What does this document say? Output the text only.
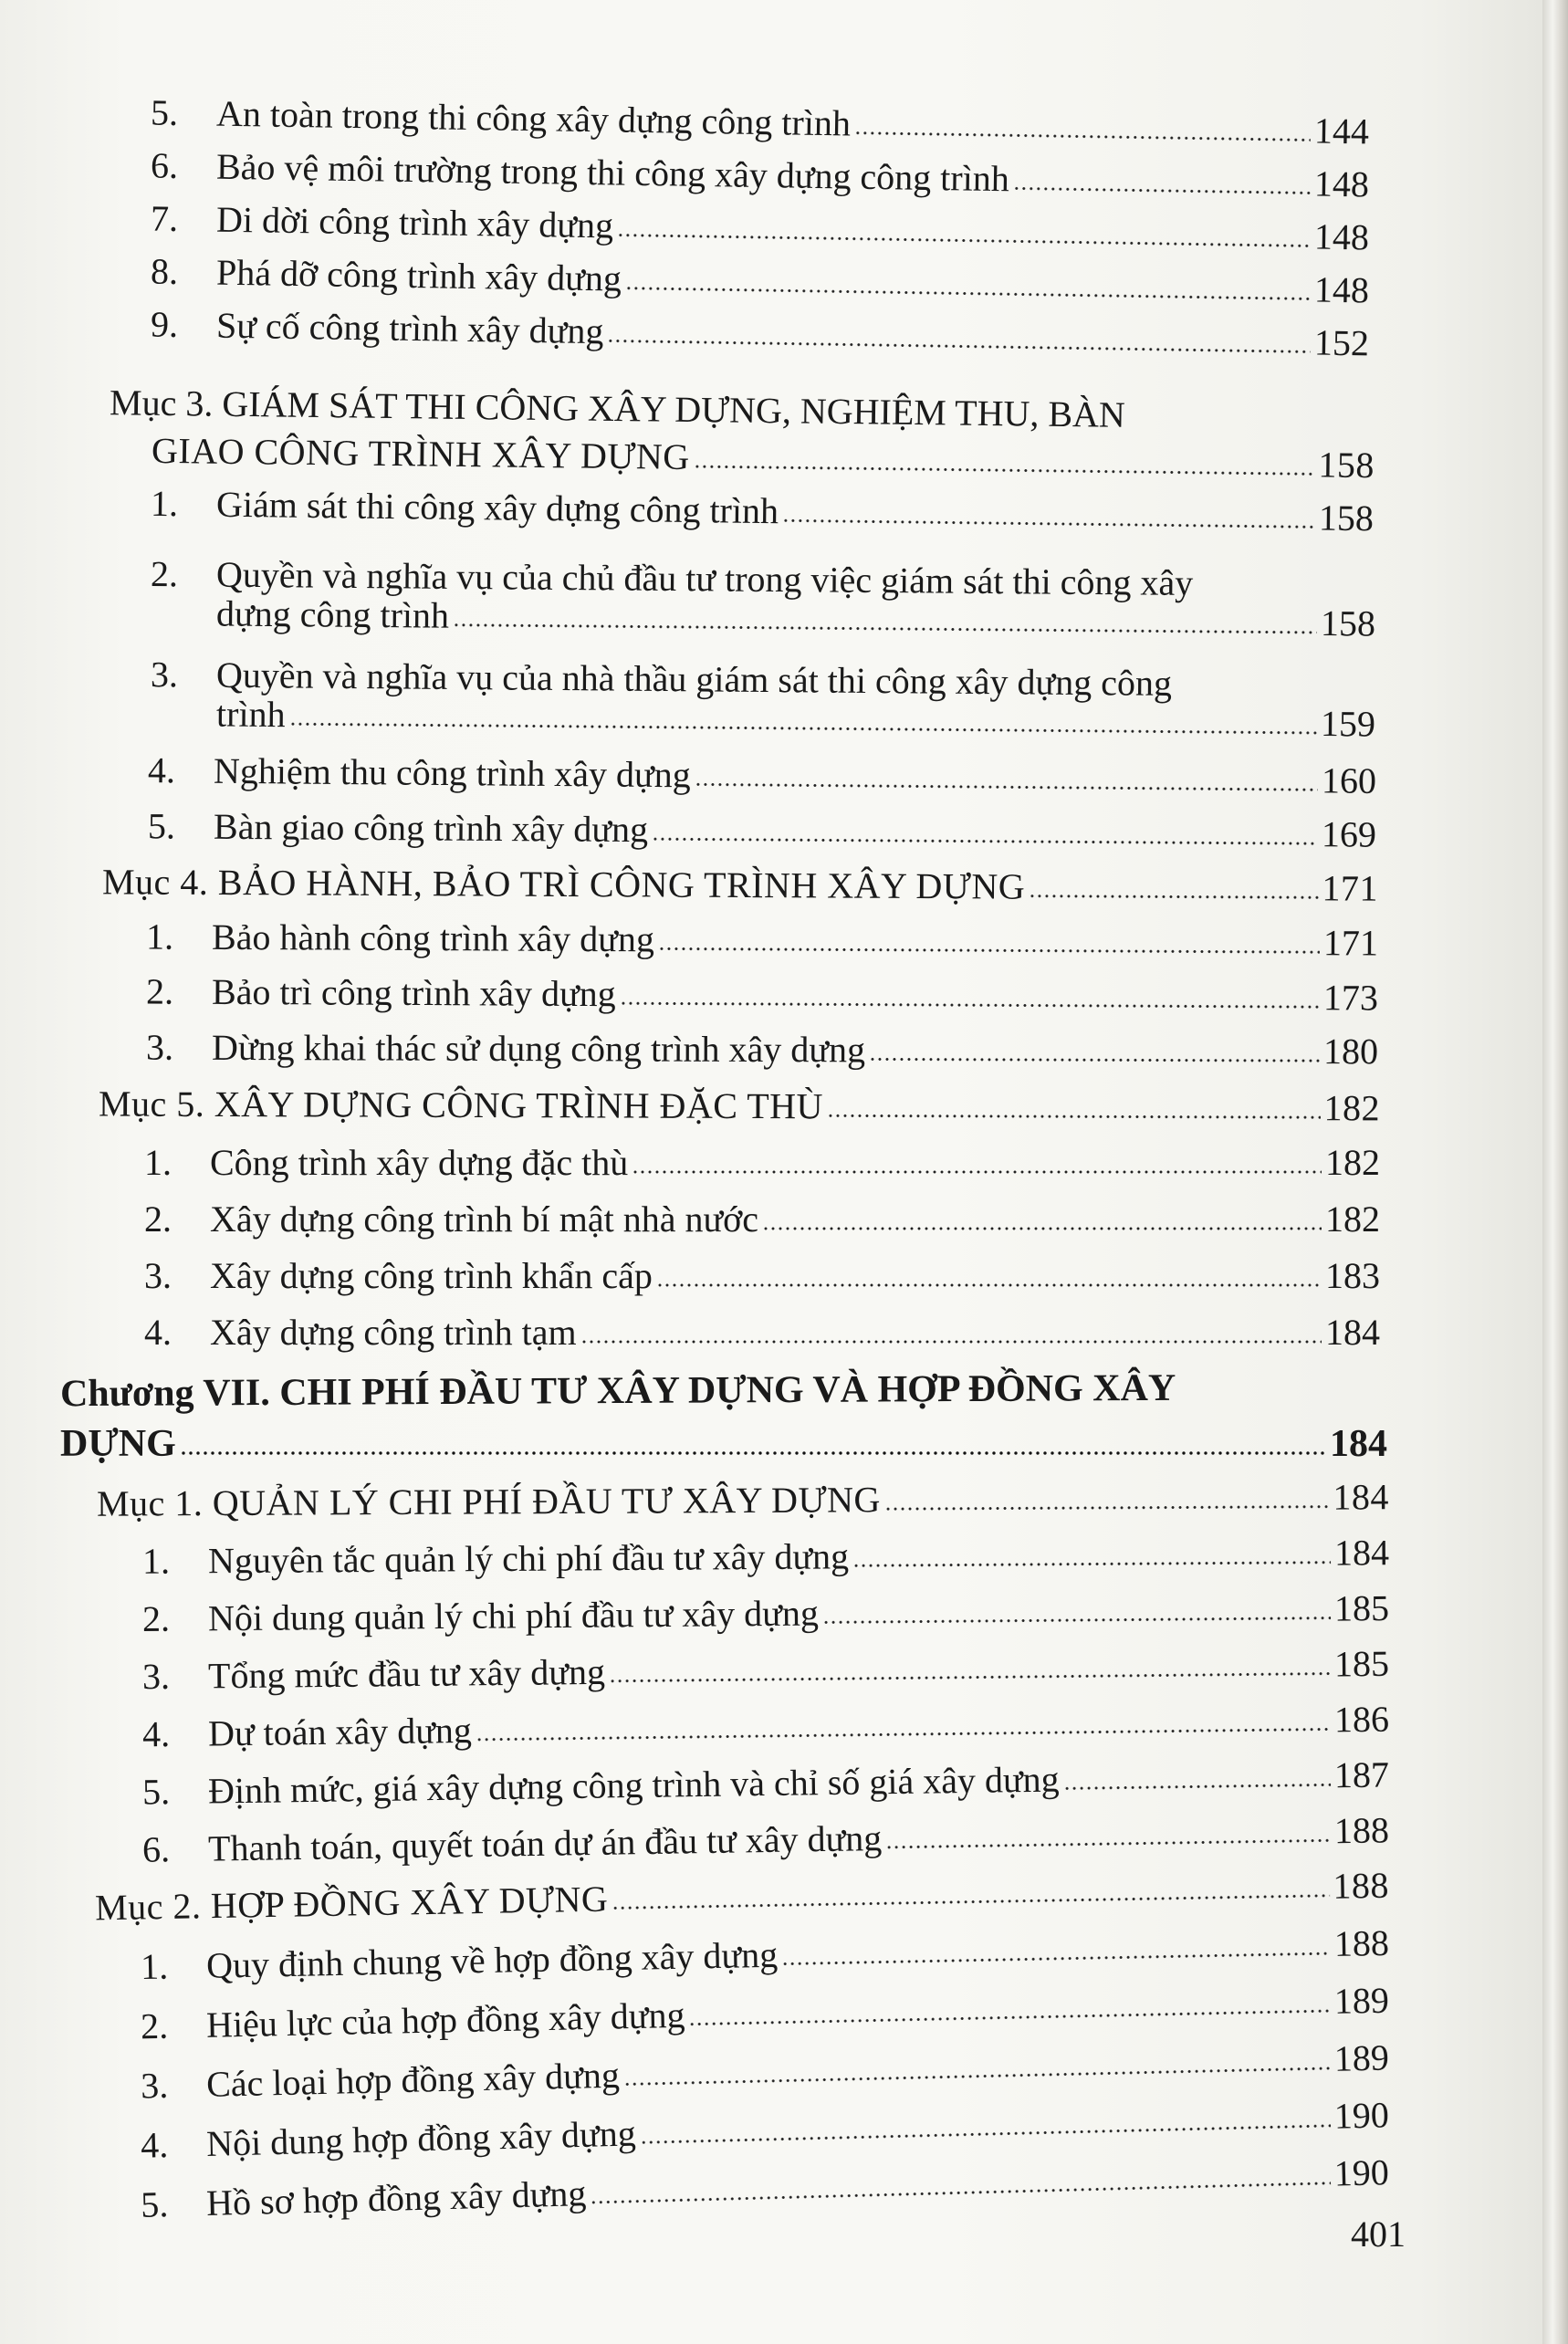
5.	An toàn trong thi công xây dựng công trình	144
6.	Bảo vệ môi trường trong thi công xây dựng công trình	148
7.	Di dời công trình xây dựng	148
8.	Phá dỡ công trình xây dựng	148
9.	Sự cố công trình xây dựng	152
Mục 3. GIÁM SÁT THI CÔNG XÂY DỰNG, NGHIỆM THU, BÀN
GIAO CÔNG TRÌNH XÂY DỰNG	158
1.	Giám sát thi công xây dựng công trình	158
2. Quyền và nghĩa vụ của chủ đầu tư trong việc giám sát thi công xây
dựng công trình	158
3. Quyền và nghĩa vụ của nhà thầu giám sát thi công xây dựng công
trình	159
4.	Nghiệm thu công trình xây dựng	160
5.	Bàn giao công trình xây dựng	169
Mục 4. BẢO HÀNH, BẢO TRÌ CÔNG TRÌNH XÂY DỰNG	171
1.	Bảo hành công trình xây dựng	171
2.	Bảo trì công trình xây dựng	173
3.	Dừng khai thác sử dụng công trình xây dựng	180
Mục 5. XÂY DỰNG CÔNG TRÌNH ĐẶC THÙ	182
1.	Công trình xây dựng đặc thù	182
2.	Xây dựng công trình bí mật nhà nước	182
3.	Xây dựng công trình khẩn cấp	183
4.	Xây dựng công trình tạm	184
Chương VII. CHI PHÍ ĐẦU TƯ XÂY DỰNG VÀ HỢP ĐỒNG XÂY
DỰNG	184
Mục 1. QUẢN LÝ CHI PHÍ ĐẦU TƯ XÂY DỰNG	184
1.	Nguyên tắc quản lý chi phí đầu tư xây dựng	184
2.	Nội dung quản lý chi phí đầu tư xây dựng	185
3.	Tổng mức đầu tư xây dựng	185
4.	Dự toán xây dựng	186
5.	Định mức, giá xây dựng công trình và chỉ số giá xây dựng	187
6.	Thanh toán, quyết toán dự án đầu tư xây dựng	188
Mục 2. HỢP ĐỒNG XÂY DỰNG	188
1.	Quy định chung về hợp đồng xây dựng	188
2.	Hiệu lực của hợp đồng xây dựng	189
3.	Các loại hợp đồng xây dựng	189
4.	Nội dung hợp đồng xây dựng	190
5.	Hồ sơ hợp đồng xây dựng	190
401
